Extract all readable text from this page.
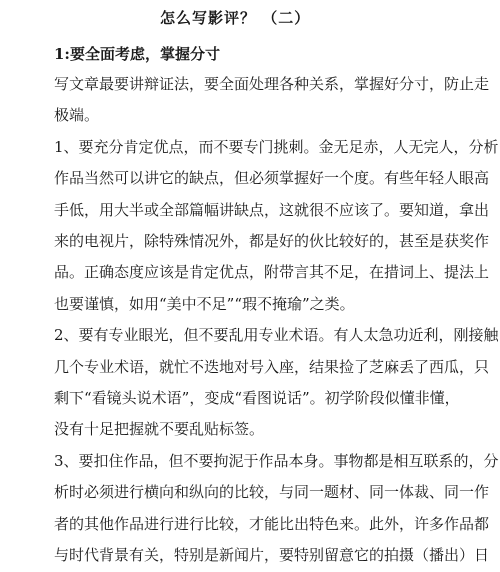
怎么写影评？ （二）
1:要全面考虑，掌握分寸

写文章最要讲辩证法，要全面处理各种关系，掌握好分寸，防止走

极端。

1、要充分肯定优点，而不要专门挑刺。金无足赤，人无完人，分析

作品当然可以讲它的缺点，但必须掌握好一个度。有些年轻人眼高

手低，用大半或全部篇幅讲缺点，这就很不应该了。要知道，拿出

来的电视片，除特殊情况外，都是好的伙比较好的，甚至是获奖作

品。正确态度应该是肯定优点，附带言其不足，在措词上、提法上

也要谨慎，如用“美中不足”“瑕不掩瑜”之类。

2、要有专业眼光，但不要乱用专业术语。有人太急功近利，刚接触

几个专业术语，就忙不迭地对号入座，结果捡了芝麻丢了西瓜，只

剩下“看镜头说术语”，变成“看图说话”。初学阶段似懂非懂，

没有十足把握就不要乱贴标签。

3、要扣住作品，但不要拘泥于作品本身。事物都是相互联系的，分

析时必须进行横向和纵向的比较，与同一题材、同一体裁、同一作

者的其他作品进行进行比较，才能比出特色来。此外，许多作品都

与时代背景有关，特别是新闻片，要特别留意它的拍摄（播出）日
